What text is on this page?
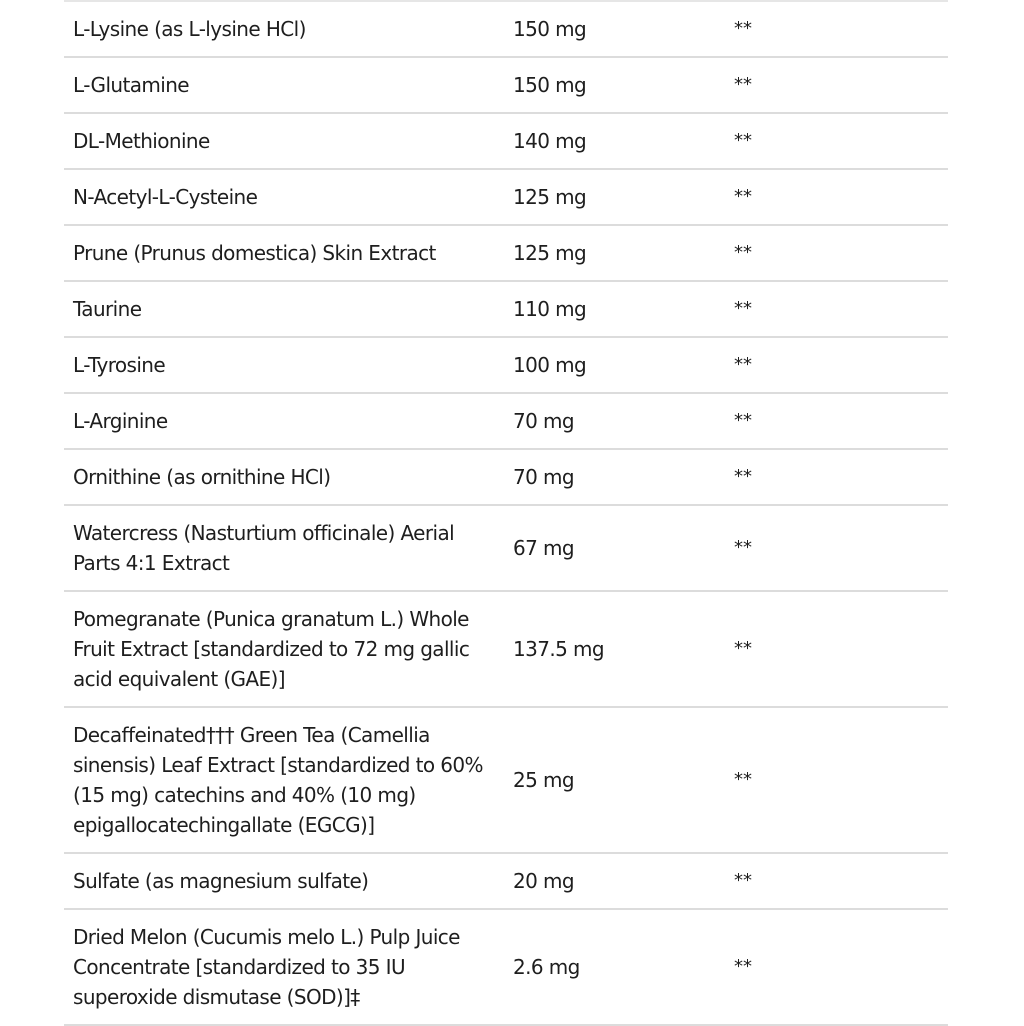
L-Lysine (as L-lysine HCl)	150 mg	**
L-Glutamine	150 mg	**
DL-Methionine	140 mg	**
N-Acetyl-L-Cysteine	125 mg	**
Prune (Prunus domestica) Skin Extract	125 mg	**
Taurine	110 mg	**
L-Tyrosine	100 mg	**
L-Arginine	70 mg	**
Ornithine (as ornithine HCl)	70 mg	**
Watercress (Nasturtium officinale) Aerial Parts 4:1 Extract	67 mg	**
Pomegranate (Punica granatum L.) Whole Fruit Extract [standardized to 72 mg gallic acid equivalent (GAE)]	137.5 mg	**
Decaffeinated††† Green Tea (Camellia sinensis) Leaf Extract [standardized to 60% (15 mg) catechins and 40% (10 mg) epigallocatechingallate (EGCG)]	25 mg	**
Sulfate (as magnesium sulfate)	20 mg	**
Dried Melon (Cucumis melo L.) Pulp Juice Concentrate [standardized to 35 IU superoxide dismutase (SOD)]‡	2.6 mg	**
